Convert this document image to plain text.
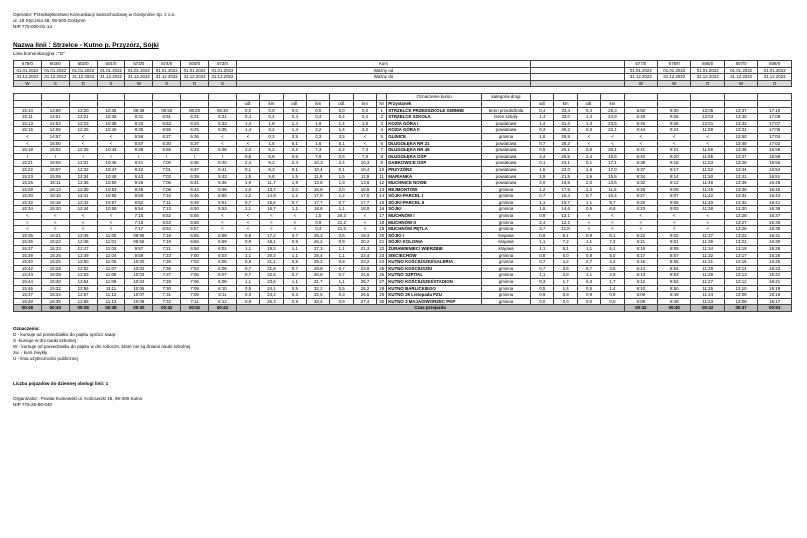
Operator: Przedsiębiorstwo Komunikacji Samochodowej w Gostyninie Sp. z o.o.
ul. 18 Stycznia 38, 09-500 Gostynin
NIP 775-000-01-14
Nazwa linii : Strzelce - Kutno p. Przyzórz, Sójki
Linia komunikacyjna : "G"
679/0	603/0	602/0	501/0	673/0	674/0	500/0	673/0	Kurs													677/0	678/0	608/0	607/0	608/0
01.01.2022	01.01.2022	01.01.2022	01.01.2022	01.01.2022	01.01.2022	01.01.2022	01.01.2022	Ważny od													01.01.2022	01.01.2022	01.01.2022	01.01.2022	01.01.2022
31.12.2022	31.12.2022	31.12.2022	31.12.2022	31.12.2022	31.12.2022	31.12.2022	31.12.2022	Ważny do													31.12.2022	31.12.2022	31.12.2022	31.12.2022	31.12.2022
W	S	D	S	W	S	D	S														W	W	D	W	D

															Oznaczenie kursu	kategoria drogi									
								odl.	km	odl.	km	odl.	km	Nr	Przystanek		odl.	km	odl.	km					
15:10	14:50	12:20	10:35	09:38	06:50	06:20	05:30	0,0	0,0	0,0	0,0	0,0	0,0	1	STRZELCE PRZEDSZKOLE GMINNE	teren przedszkola	0,4	33,4	0,4	25,3	6:50	9:30	12:05	13:37	17:10
15:11	14:51	12:21	10:36	9:31	6:51	6:21	5:31	0,4	0,4	0,4	0,4	0,4	0,4	2	STRZELCE SZKOŁA	teren szkoły	1,4	33,0	1,4	24,9	6:48	9:28	12:03	13:35	17:08
15:13	14:53	12:23	10:38	9:33	6:53	6:23	5:33	1,4	1,8	1,4	1,8	1,4	1,8	3	KOZIA GÓRA I	powiatowa	1,4	31,6	1,4	23,5	6:46	9:26	12:01	13:32	17:07
15:15	14:55	12:25	10:40	9:35	6:55	6:25	5:35	1,4	3,2	1,4	3,2	1,4	3,2	4	KOZIA GÓRA II	powiatowa	0,3	30,2	0,3	22,1	6:44	9:24	11:59	13:31	17:05
<	14:57	<	<	6:56	6:27	5:36	<	<	0,3	3,5	0,3	3,5	<	5	GLINICE	gminna	1,6	29,9	<	<	<	<	<	13:50	17:04
<	15:00	<	<	6:57	6:30	5:37	<	<	1,6	5,1	1,6	5,1	<	6	DŁUGOŁĘKA NR 21	powiatowa	0,7	28,3	<	<	<	<	<	13:49	17:02
15:18	15:02	12:28	10:43	9:38	6:58	6:33	5:38	2,0	5,2	2,2	7,3	2,2	7,3	7	DŁUGOŁĘKA NR 45	powiatowa	0,6	26,1	0,6	20,1	6:41	9:21	11:56	13:48	16:59
I	I	I	I	I	I	I	I	0,6	5,8	0,6	7,9	0,6	7,9	8	DŁUGOŁĘKA OSP	powiatowa	2,4	25,5	2,4	19,5	6:40	9:20	11:55	13:47	16:58
15:21	15:06	12:31	10:46	9:41	7:00	6:36	5:40	2,4	8,2	2,4	10,3	2,4	10,3	9	DĄBKOWICE OSP	powiatowa	0,1	23,1	0,1	17,1	6:38	9:18	11:53	13:45	16:55
15:22	15:07	12:32	10:47	9:42	7:01	6:37	5:41	0,1	8,3	0,1	10,4	0,1	10,4	10	PRZYZÓRZ	powiatowa	1,5	23,0	1,5	17,0	6:37	9:17	11:52	13:44	16:54
15:23	15:09	12:34	10:48	9:43	7:03	6:39	5:43	1,5	9,8	1,5	11,9	1,5	11,9	11	MARIANKA	powiatowa	1,9	21,5	1,9	15,5	6:34	9:14	11:50	13:41	16:51
15:25	15:11	12:36	10:50	9:45	7:06	6:41	5:46	1,9	11,7	1,9	13,8	1,9	13,8	12	MUCHNICE NOWE	powiatowa	2,0	19,6	2,0	13,6	6:32	9:12	11:48	13:39	16:48
15:28	15:14	12:39	10:53	9:48	7:08	6:44	5:48	2,0	13,7	2,0	15,8	2,0	15,8	13	REJMONTÓW	gminna	1,2	17,6	1,2	11,6	6:29	9:09	11:45	13:36	16:45
15:30	15:16	12:41	10:55	9:50	7:10	6:46	5:50	1,2	14,9	1,2	17,0	1,2	17,0	14	SÓJKI-PARCEL I	gminna	0,7	16,4	0,7	10,4	6:27	9:07	11:42	13:34	16:43
15:32	15:18	12:42	10:57	9:52	7:11	6:48	5:51	0,7	15,6	0,7	17,7	0,7	17,7	15	SÓJKI-PARCEL II	gminna	1,1	15,7	1,1	9,7	6:25	9:05	11:40	13:32	16:41
15:34	15:20	12:44	10:59	9:54	7:13	6:50	5:53	1,1	16,7	1,1	18,8	1,1	18,8	16	SÓJKI	gminna	1,5	14,6	0,5	8,6	6:23	9:03	11:38	13:30	16:39
<	<	<	<	7:15	6:52	5:55	<	<	<	<	1,5	20,3	<	17	MUCHNÓW I	gminna	0,9	13,1	<	<	<	<	<	13:28	16:37
<	<	<	<	7:16	6:53	5:56	<	<	<	<	0,9	21,2	<	18	MUCHNÓW II	gminna	2,4	12,2	<	<	<	<	<	13:27	16:36
<	<	<	<	7:17	6:54	5:57	<	<	<	<	0,4	21,6	<	19	MUCHNÓW PĘTLA	gminna	3,7	11,8	<	<	<	<	<	13:26	16:35
15:35	15:21	12:45	11:00	09:55	7:18	6:55	5:58	0,5	17,2	3,7	25,3	0,5	19,3	20	SÓJKI I	krajowa	0,8	8,1	0,9	8,1	6:22	9:02	11:37	13:22	16:31
15:36	15:22	12:46	11:01	09:56	7:19	6:56	5:59	0,9	18,1	0,9	26,2	0,9	20,2	21	SÓJKI KOLONIA	krajowa	1,1	7,2	1,1	7,2	6:21	9:01	11:36	13:21	16:30
15:37	15:23	12:47	11:02	9:57	7:21	6:58	6:01	1,1	19,2	1,1	27,3	1,1	21,3	22	ŻURAWIENIEC/ WIERZBIE	krajowa	1,1	6,1	1,1	6,1	6:19	8:59	11:34	13:19	16:28
15:39	15:25	12:49	11:04	9:59	7:23	7:00	6:03	1,1	20,3	1,1	28,4	1,1	22,4	23	SIECIECHÓW	gminna	0,8	5,0	0,8	5,0	6:17	8:57	11:32	13:17	16:26
15:40	15:26	12:50	11:05	10:00	7:25	7:02	6:05	0,8	21,1	0,8	29,2	0,8	23,2	24	KUTNO KOŚCIUSZKI/GALERIA	gminna	0,7	4,2	0,7	4,2	6:16	8:56	11:31	13:16	16:25
15:42	15:28	12:52	11:07	10:02	7:26	7:04	6:06	0,7	21,8	0,7	29,9	0,7	23,9	25	KUTNO KOŚCIUSZKI	gminna	0,7	3,5	0,7	3,5	6:14	8:54	11:29	13:14	16:23
15:43	15:29	12:53	11:08	10:03	7:27	7:05	6:07	0,7	22,5	0,7	30,6	0,7	24,6	26	KUTNO SZPITAL	gminna	1,1	2,8	1,1	2,8	6:13	8:53	11:28	13:13	16:22
15:44	15:30	12:54	11:09	10:04	7:28	7:06	6:08	1,1	23,6	1,1	31,7	1,1	25,7	27	KUTNO KOŚCIUSZKI/STADION	gminna	0,3	1,7	0,3	1,7	6:12	8:52	11:27	13:12	16:21
15:46	15:32	12:56	11:11	10:06	7:30	7:08	6:10	0,5	24,1	0,5	32,2	0,5	26,2	28	KUTNO BARLICKIEGO	gminna	0,5	1,4	0,5	1,4	6:10	8:50	11:25	13:10	16:19
15:47	15:34	12:57	11:12	10:07	7:31	7:09	6:11	0,3	24,4	0,3	32,5	0,3	26,5	29	KUTNO 29 Listopada PZU	gminna	0,9	0,9	0,9	0,9	6:09	8:49	11:24	13:09	16:18
15:48	15:35	12:58	11:13	10:08	7:32	7:11	6:12	0,9	25,3	0,9	33,4	0,9	27,4	30	KUTNO 3 MAJA/DWORZEC PKP	gminna	0,0	0,0	0,0	0,0	6:08	8:48	11:23	13:08	16:17
00:48	00:45	00:38	00:38	00:30	00:42	00:51	00:42	Czas przejazdu													00:42	00:40	00:42	00:47	00:53
Oznaczenia:
D - kursuje od poniedziałku do piątku oprócz świąt
S -kursuje w dni nauki szkolnej
W - kursuje od poniedziałku do piątku w dni robocze, które nie są dniami nauki szkolnej
zw. - kurs zwykły
U - linia użyteczności publicznej
Liczba pojazdów do dziennej obsługi linii: 1
Organizator : Powiat Kutnowski ul. Kościuszki 16, 99-300 Kutno
NIP 775-25-88-040
